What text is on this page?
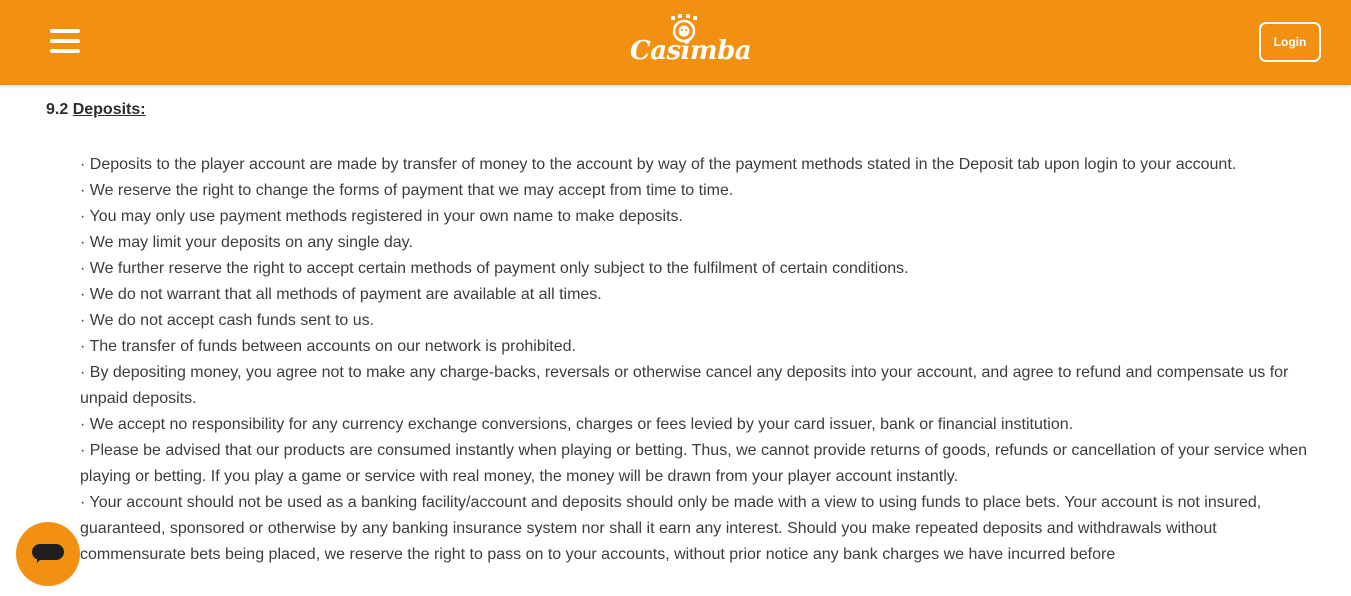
Casimba	Login
9.2 Deposits:
· Deposits to the player account are made by transfer of money to the account by way of the payment methods stated in the Deposit tab upon login to your account.
· We reserve the right to change the forms of payment that we may accept from time to time.
· You may only use payment methods registered in your own name to make deposits.
· We may limit your deposits on any single day.
· We further reserve the right to accept certain methods of payment only subject to the fulfilment of certain conditions.
· We do not warrant that all methods of payment are available at all times.
· We do not accept cash funds sent to us.
· The transfer of funds between accounts on our network is prohibited.
· By depositing money, you agree not to make any charge-backs, reversals or otherwise cancel any deposits into your account, and agree to refund and compensate us for unpaid deposits.
· We accept no responsibility for any currency exchange conversions, charges or fees levied by your card issuer, bank or financial institution.
· Please be advised that our products are consumed instantly when playing or betting. Thus, we cannot provide returns of goods, refunds or cancellation of your service when playing or betting. If you play a game or service with real money, the money will be drawn from your player account instantly.
· Your account should not be used as a banking facility/account and deposits should only be made with a view to using funds to place bets. Your account is not insured, guaranteed, sponsored or otherwise by any banking insurance system nor shall it earn any interest. Should you make repeated deposits and withdrawals without commensurate bets being placed, we reserve the right to pass on to your accounts, without prior notice any bank charges we have incurred before
